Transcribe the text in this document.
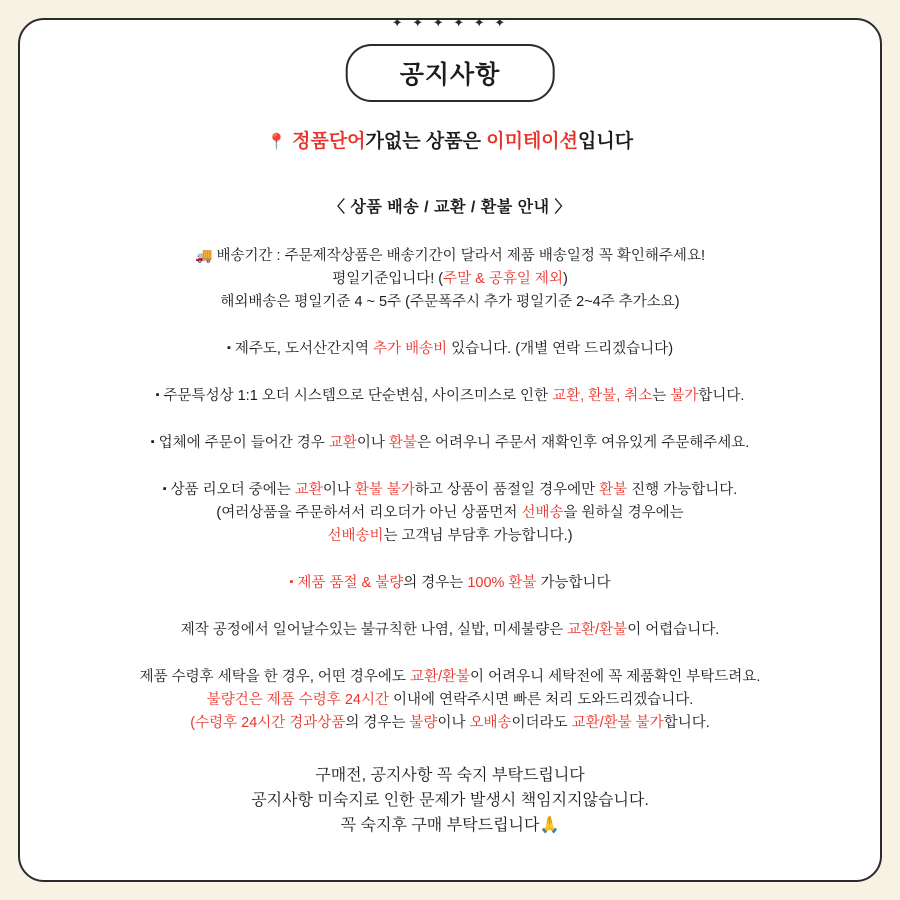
✦ ✦ ✦ ✦ ✦ ✦
공지사항
📍 정품단어가없는 상품은 이미테이션입니다
〈 상품 배송 / 교환 / 환불 안내 〉
🚚 배송기간 : 주문제작상품은 배송기간이 달라서 제품 배송일정 꼭 확인해주세요!
평일기준입니다! (주말 & 공휴일 제외)
해외배송은 평일기준 4 ~ 5주 (주문폭주시 추가 평일기준 2~4주 추가소요)
▪ 제주도, 도서산간지역 추가 배송비 있습니다. (개별 연락 드리겠습니다)
▪ 주문특성상 1:1 오더 시스템으로 단순변심, 사이즈미스로 인한 교환, 환불, 취소는 불가합니다.
▪ 업체에 주문이 들어간 경우 교환이나 환불은 어려우니 주문서 재확인후 여유있게 주문해주세요.
▪ 상품 리오더 중에는 교환이나 환불 불가하고 상품이 품절일 경우에만 환불 진행 가능합니다.
(여러상품을 주문하셔서 리오더가 아닌 상품먼저 선배송을 원하실 경우에는
선배송비는 고객님 부담후 가능합니다.)
▪ 제품 품절 & 불량의 경우는 100% 환불 가능합니다
제작 공정에서 일어날수있는 불규칙한 나염, 실밥, 미세불량은 교환/환불이 어렵습니다.
제품 수령후 세탁을 한 경우, 어떤 경우에도 교환/환불이 어려우니 세탁전에 꼭 제품확인 부탁드려요.
불량건은 제품 수령후 24시간 이내에 연락주시면 빠른 처리 도와드리겠습니다.
(수령후 24시간 경과상품의 경우는 불량이나 오배송이더라도 교환/환불 불가합니다.
구매전, 공지사항 꼭 숙지 부탁드립니다
공지사항 미숙지로 인한 문제가 발생시 책임지지않습니다.
꼭 숙지후 구매 부탁드립니다🙏
